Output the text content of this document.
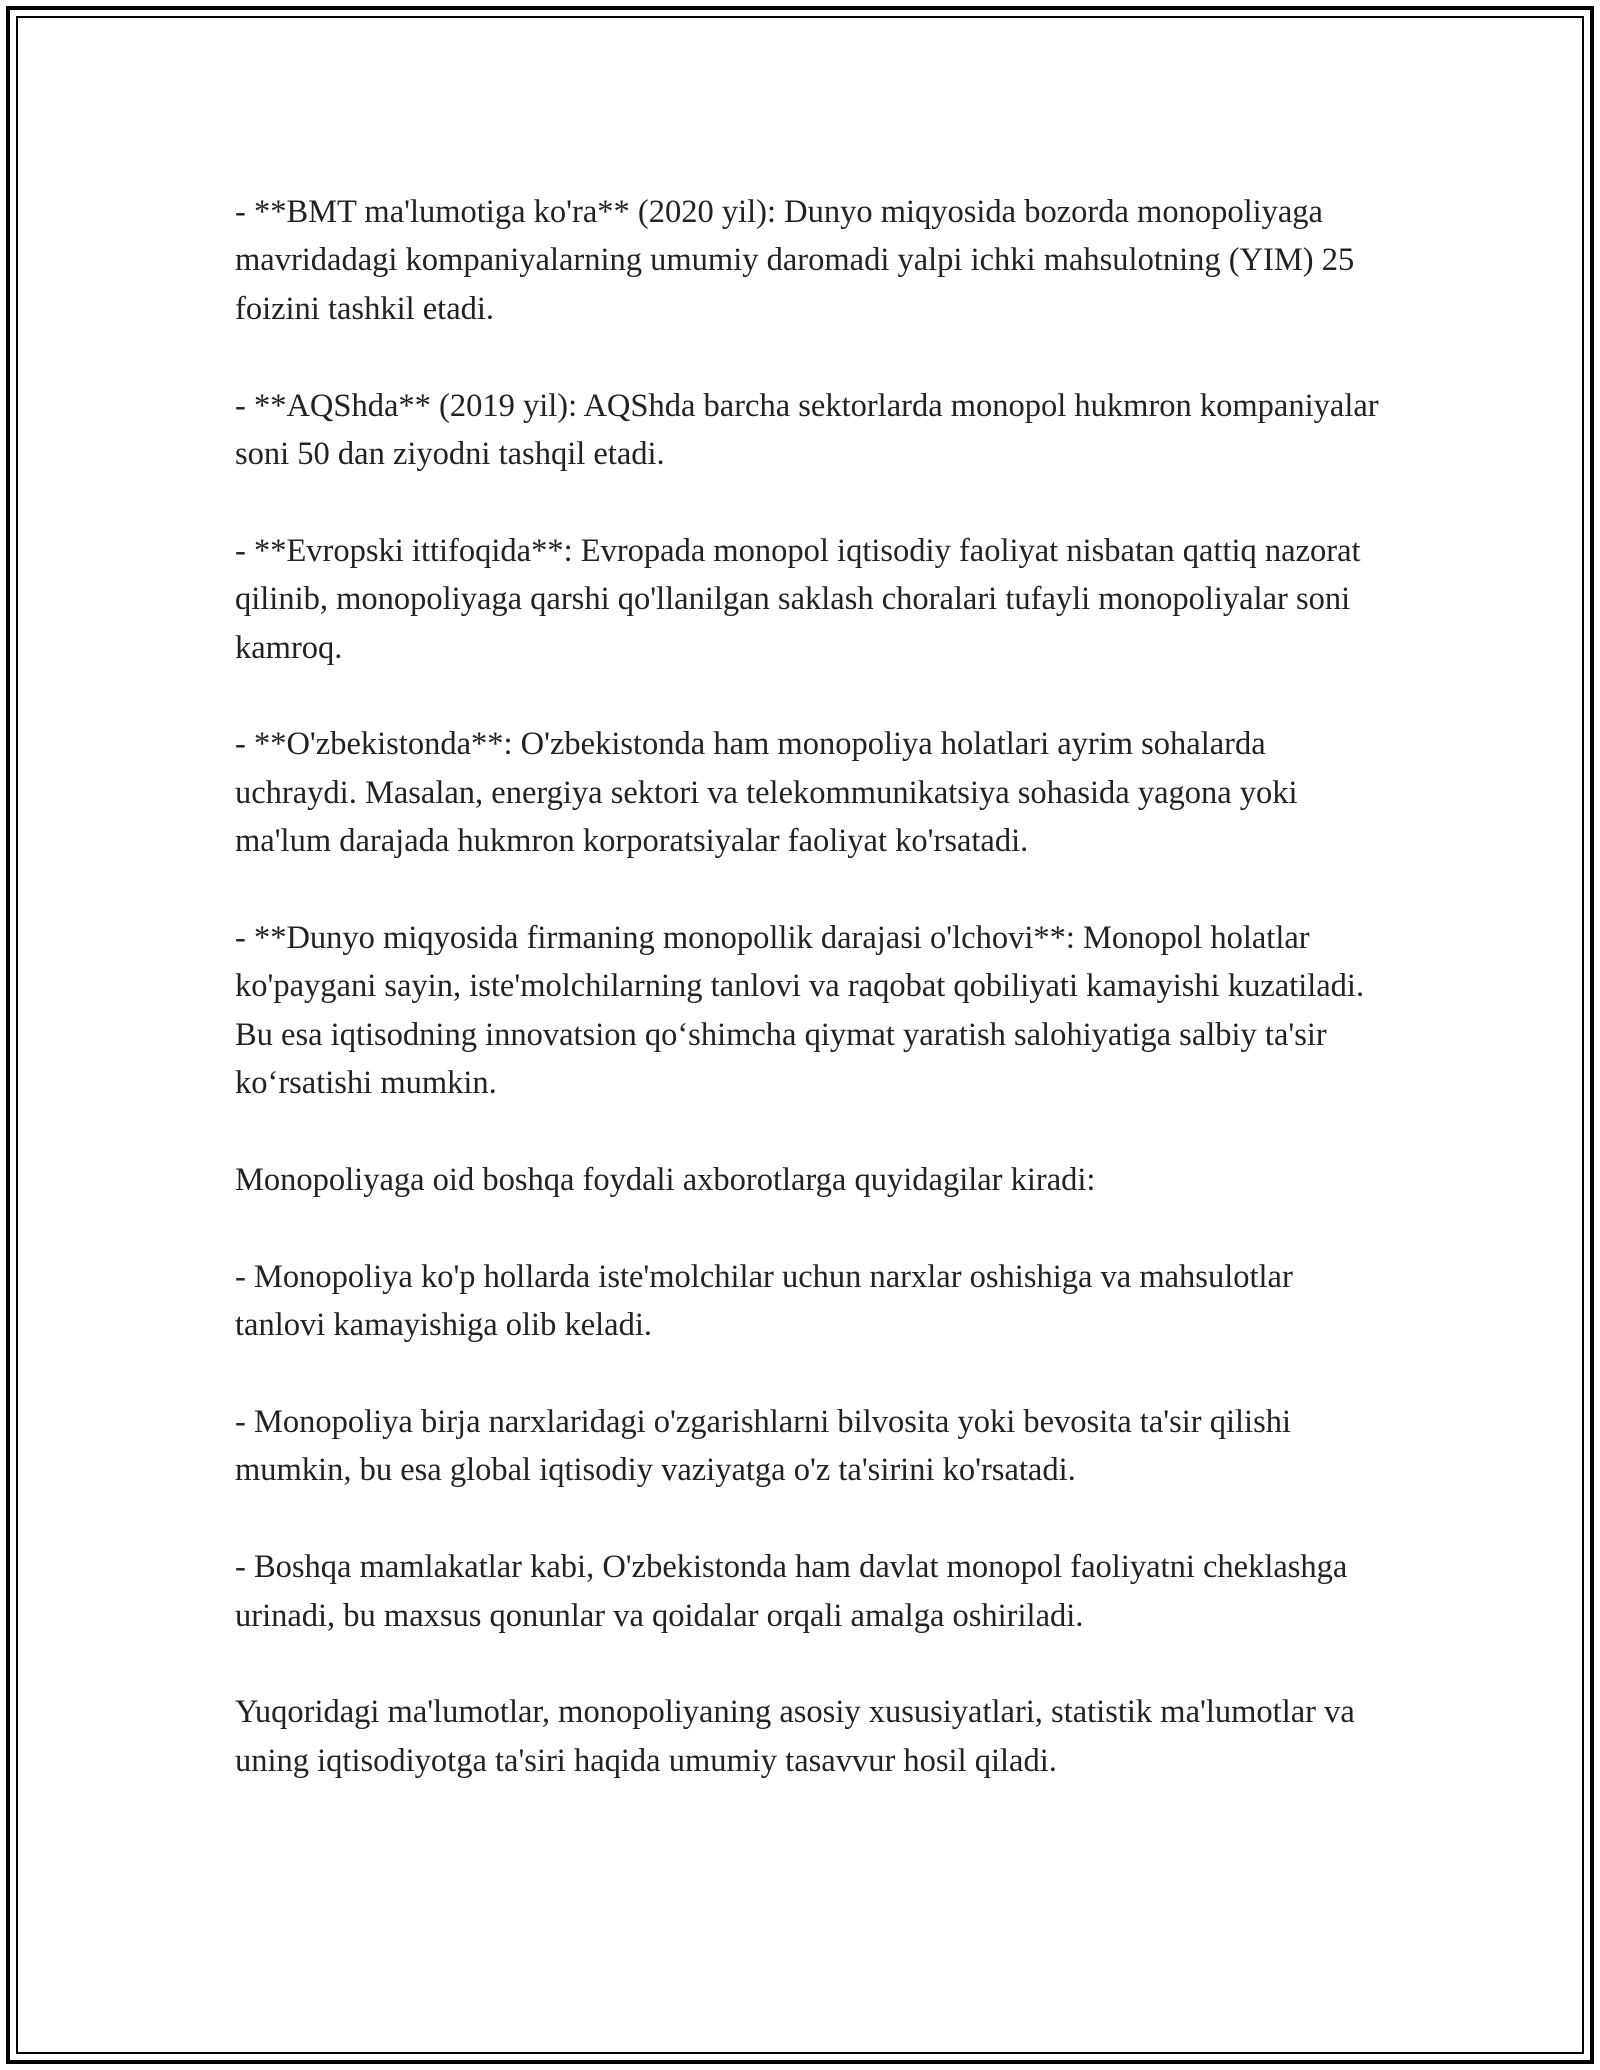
- **BMT ma'lumotiga ko'ra** (2020 yil): Dunyo miqyosida bozorda monopoliyaga mavridadagi kompaniyalarning umumiy daromadi yalpi ichki mahsulotning (YIM) 25 foizini tashkil etadi.

- **AQShda** (2019 yil): AQShda barcha sektorlarda monopol hukmron kompaniyalar soni 50 dan ziyodni tashqil etadi.

- **Evropski ittifoqida**: Evropada monopol iqtisodiy faoliyat nisbatan qattiq nazorat qilinib, monopoliyaga qarshi qo'llanilgan saklash choralari tufayli monopoliyalar soni kamroq.

- **O'zbekistonda**: O'zbekistonda ham monopoliya holatlari ayrim sohalarda uchraydi. Masalan, energiya sektori va telekommunikatsiya sohasida yagona yoki ma'lum darajada hukmron korporatsiyalar faoliyat ko'rsatadi.

- **Dunyo miqyosida firmaning monopollik darajasi o'lchovi**: Monopol holatlar ko'paygani sayin, iste'molchilarning tanlovi va raqobat qobiliyati kamayishi kuzatiladi. Bu esa iqtisodning innovatsion qo‘shimcha qiymat yaratish salohiyatiga salbiy ta'sir ko‘rsatishi mumkin.

Monopoliyaga oid boshqa foydali axborotlarga quyidagilar kiradi:

- Monopoliya ko'p hollarda iste'molchilar uchun narxlar oshishiga va mahsulotlar tanlovi kamayishiga olib keladi.

- Monopoliya birja narxlaridagi o'zgarishlarni bilvosita yoki bevosita ta'sir qilishi mumkin, bu esa global iqtisodiy vaziyatga o'z ta'sirini ko'rsatadi.

- Boshqa mamlakatlar kabi, O'zbekistonda ham davlat monopol faoliyatni cheklashga urinadi, bu maxsus qonunlar va qoidalar orqali amalga oshiriladi.

Yuqoridagi ma'lumotlar, monopoliyaning asosiy xususiyatlari, statistik ma'lumotlar va uning iqtisodiyotga ta'siri haqida umumiy tasavvur hosil qiladi.
